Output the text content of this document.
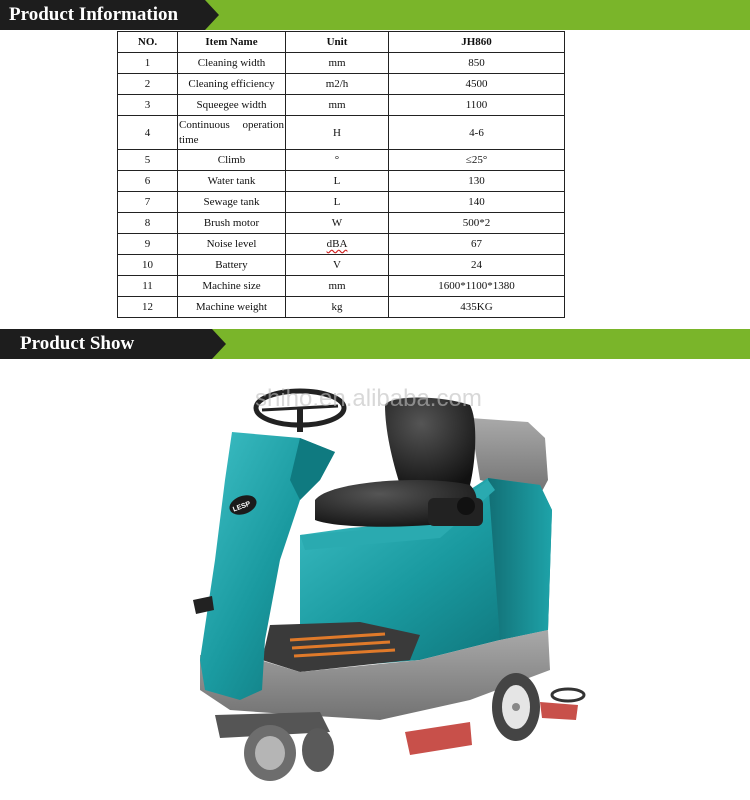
Product Information
NO.	Item Name	Unit	JH860
1	Cleaning width	mm	850
2	Cleaning efficiency	m2/h	4500
3	Squeegee width	mm	1100
4	Continuous operation time	H	4-6
5	Climb	°	≤25°
6	Water tank	L	130
7	Sewage tank	L	140
8	Brush motor	W	500*2
9	Noise level	dBA	67
10	Battery	V	24
11	Machine size	mm	1600*1100*1380
12	Machine weight	kg	435KG
Product Show
LESP
shiho.en.alibaba.com
